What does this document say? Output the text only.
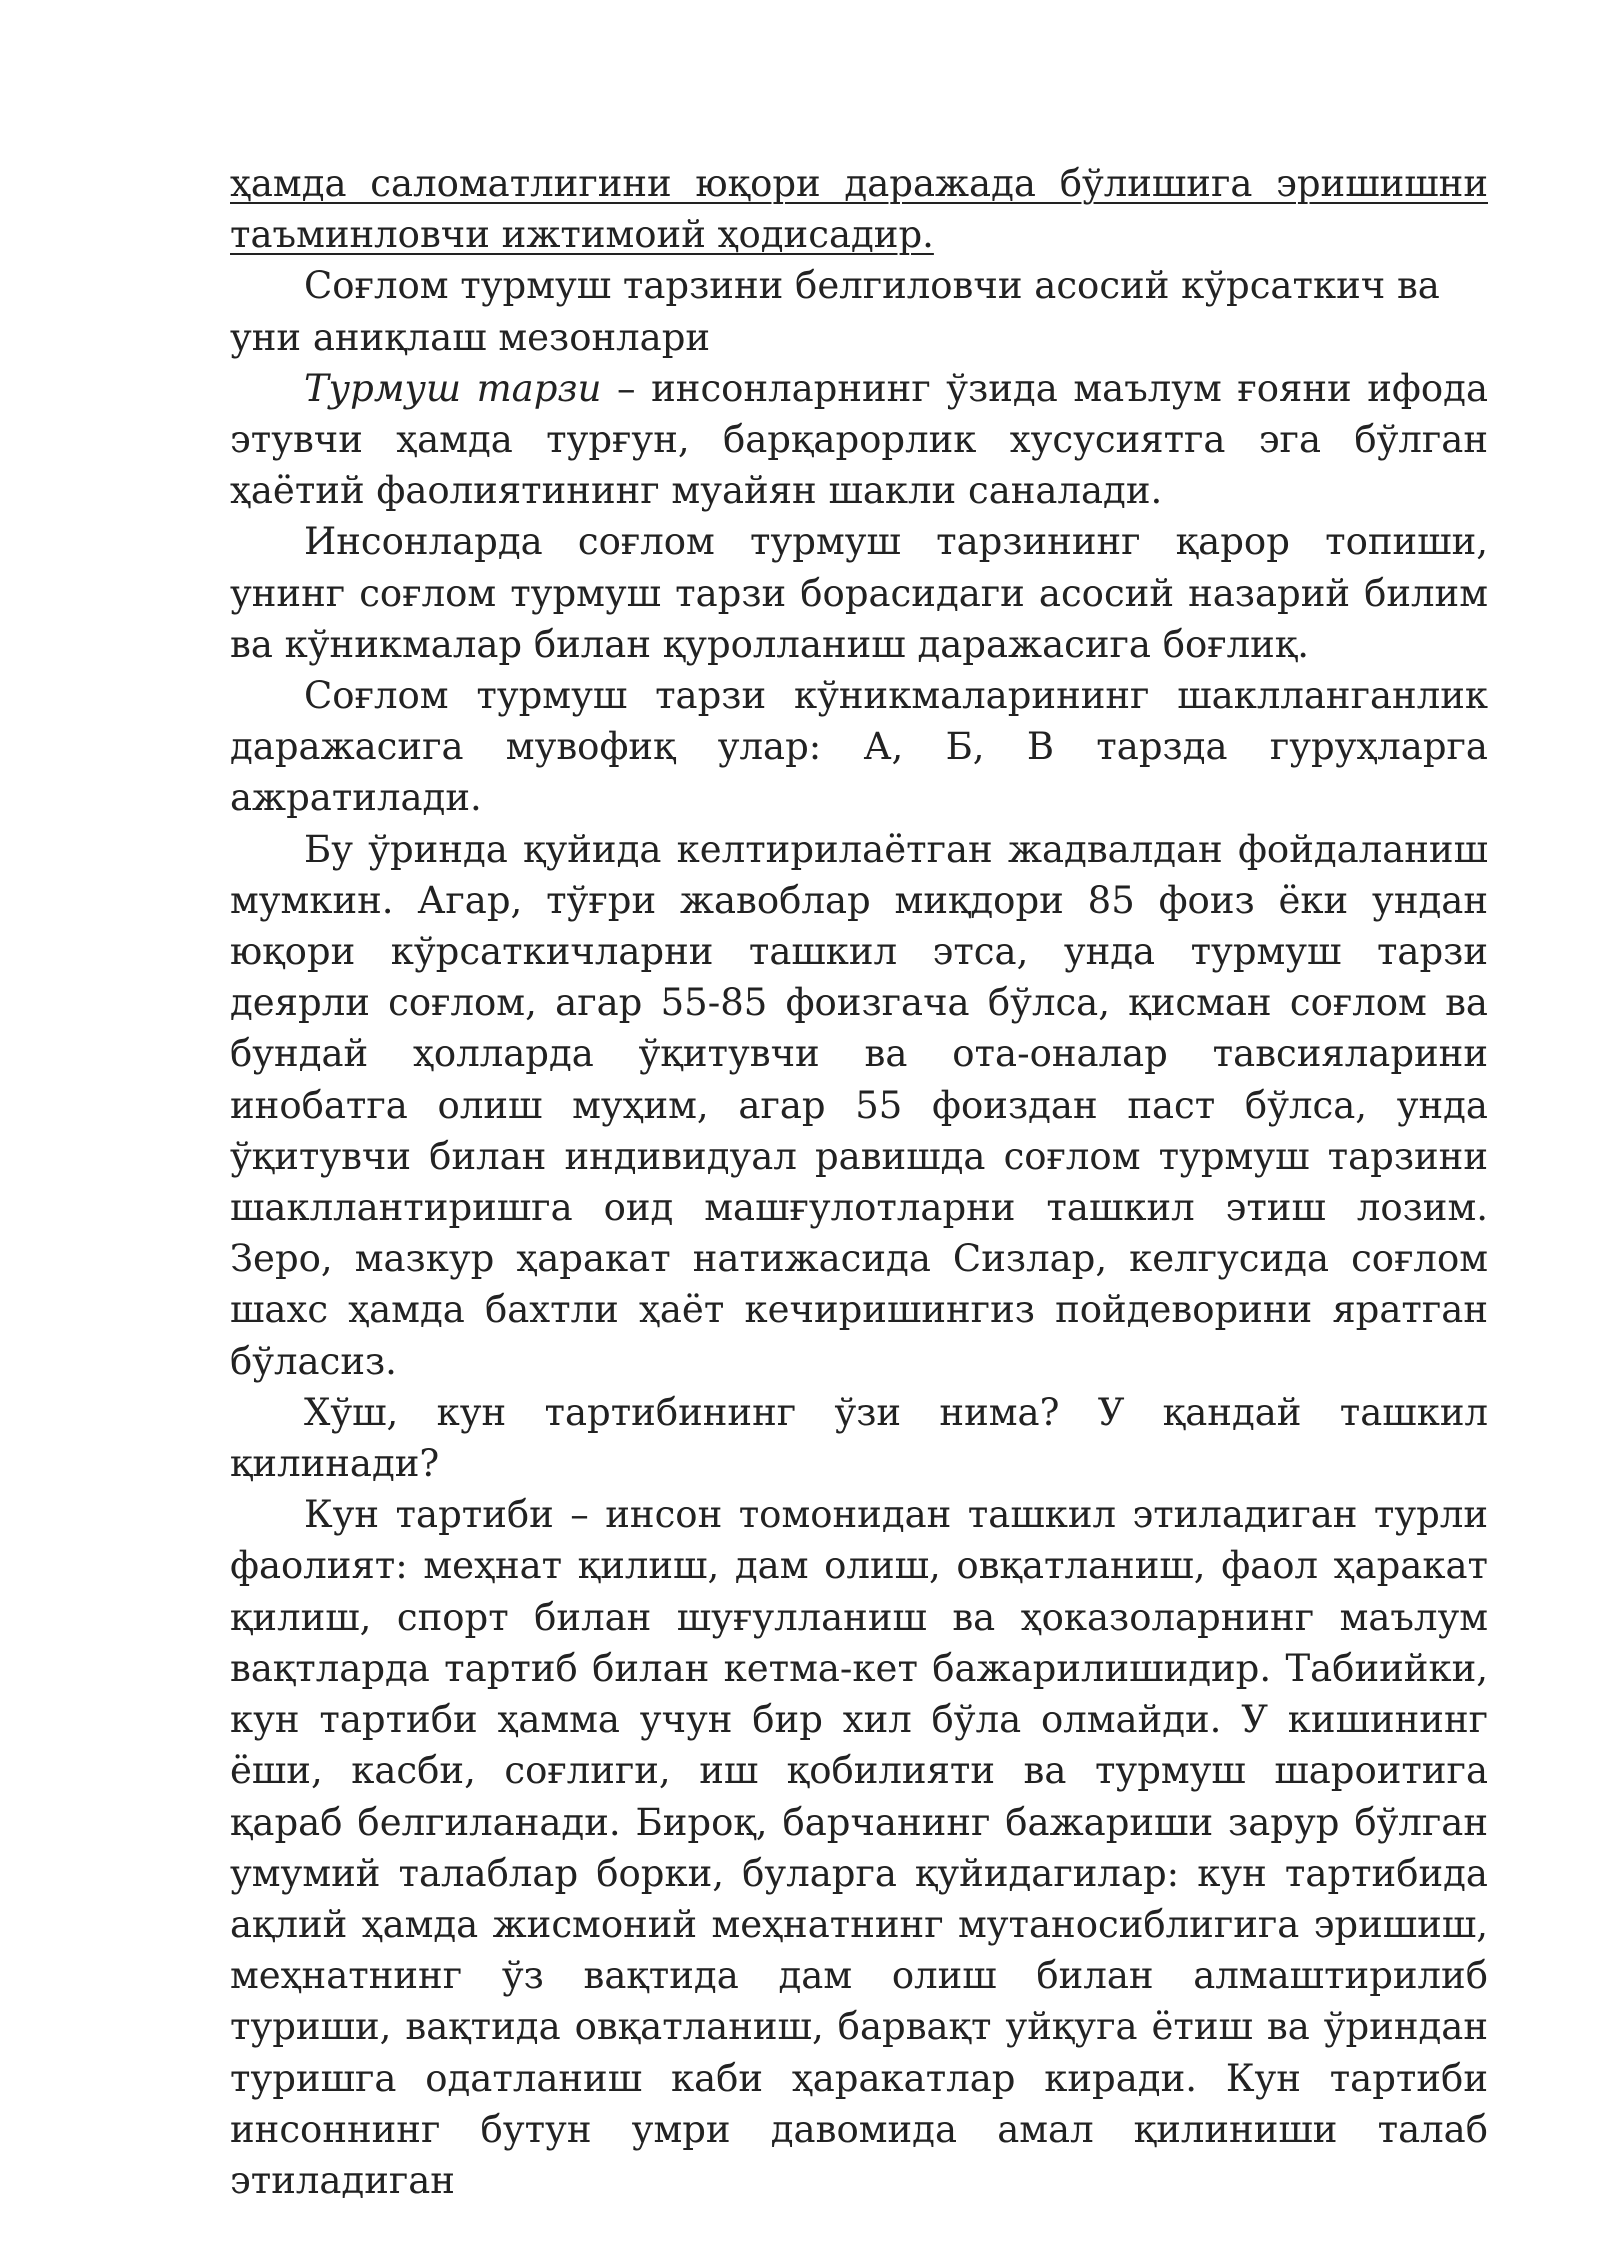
ҳамда саломатлигини юқори даражада бўлишига эришишни таъминловчи ижтимоий ҳодисадир.

Соғлом турмуш тарзини белгиловчи асосий кўрсаткич ва
уни аниқлаш мезонлари

Турмуш тарзи – инсонларнинг ўзида маълум ғояни ифода этувчи ҳамда турғун, барқарорлик хусусиятга эга бўлган ҳаётий фаолиятининг муайян шакли саналади.

Инсонларда соғлом турмуш тарзининг қарор топиши, унинг соғлом турмуш тарзи борасидаги асосий назарий билим ва кўникмалар билан қуролланиш даражасига боғлиқ.

Соғлом турмуш тарзи кўникмаларининг шаклланганлик даражасига мувофиқ улар: А, Б, В тарзда гуруҳларга ажратилади.

Бу ўринда қуйида келтирилаётган жадвалдан фойдаланиш мумкин. Агар, тўғри жавоблар миқдори 85 фоиз ёки ундан юқори кўрсаткичларни ташкил этса, унда турмуш тарзи деярли соғлом, агар 55-85 фоизгача бўлса, қисман соғлом ва бундай ҳолларда ўқитувчи ва ота-оналар тавсияларини инобатга олиш муҳим, агар 55 фоиздан паст бўлса, унда ўқитувчи билан индивидуал равишда соғлом турмуш тарзини шакллантиришга оид машғулотларни ташкил этиш лозим. Зеро, мазкур ҳаракат натижасида Сизлар, келгусида соғлом шахс ҳамда бахтли ҳаёт кечиришингиз пойдеворини яратган бўласиз.

Хўш, кун тартибининг ўзи нима? У қандай ташкил қилинади?

Кун тартиби – инсон томонидан ташкил этиладиган турли фаолият: меҳнат қилиш, дам олиш, овқатланиш, фаол ҳаракат қилиш, спорт билан шуғулланиш ва ҳоказоларнинг маълум вақтларда тартиб билан кетма-кет бажарилишидир. Табиийки, кун тартиби ҳамма учун бир хил бўла олмайди. У кишининг ёши, касби, соғлиги, иш қобилияти ва турмуш шароитига қараб белгиланади. Бироқ, барчанинг бажариши зарур бўлган умумий талаблар борки, буларга қуйидагилар: кун тартибида ақлий ҳамда жисмоний меҳнатнинг мутаносиблигига эришиш, меҳнатнинг ўз вақтида дам олиш билан алмаштирилиб туриши, вақтида овқатланиш, барвақт уйқуга ётиш ва ўриндан туришга одатланиш каби ҳаракатлар киради. Кун тартиби инсоннинг бутун умри давомида амал қилиниши талаб этиладиган
